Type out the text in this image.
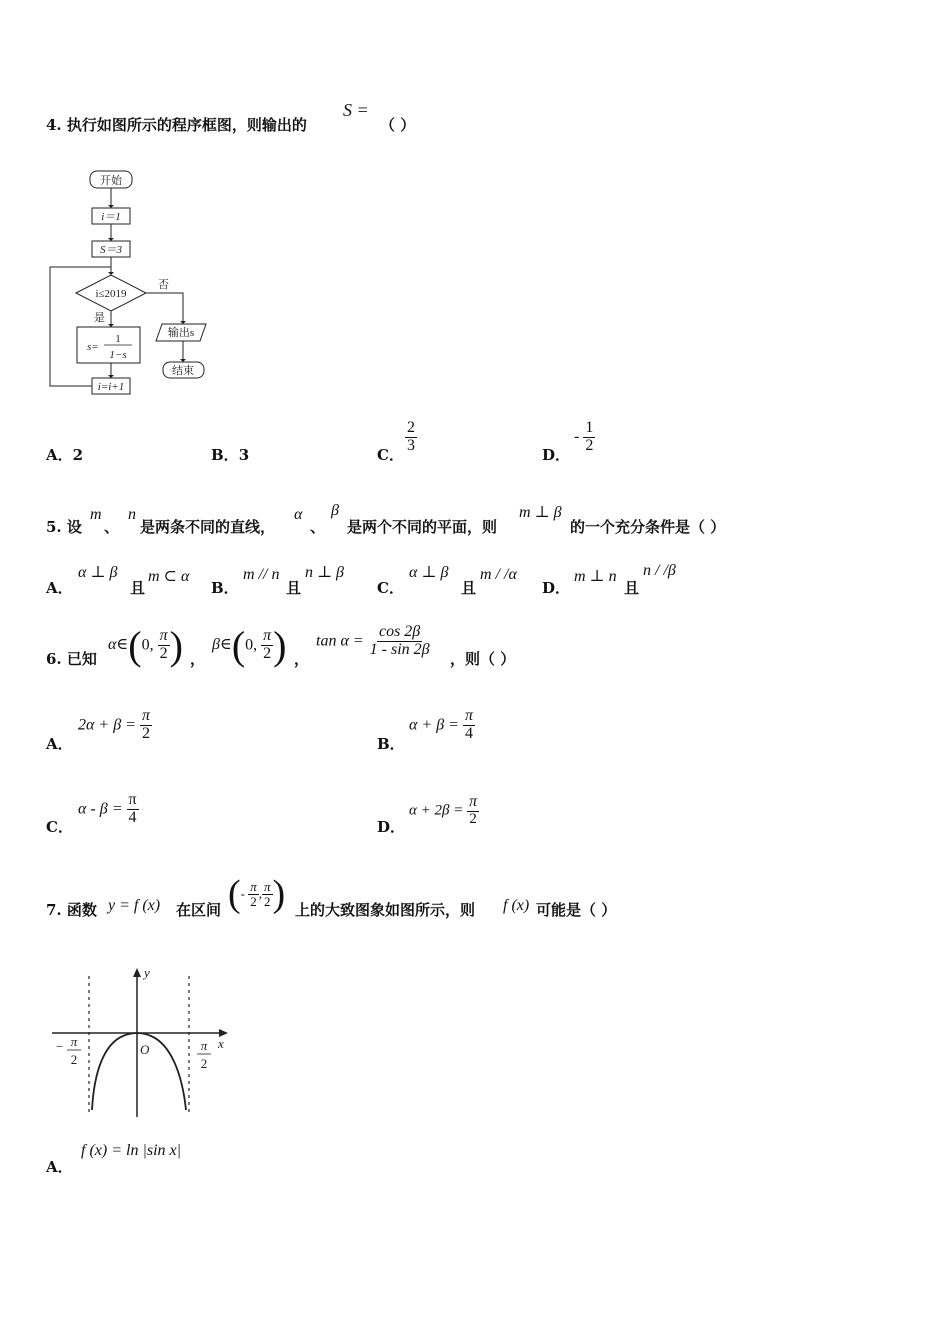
4. 执行如图所示的程序框图，则输出的
S =
（ ）
开始
i＝1
S＝3
i≤2019
否
是
s=
1
1−s
输出s
结束
i=i+1
A．2	B．3	C．
$\frac{2}{3}$
D．
- $\frac{1}{2}$
5. 设
m
、
n
是两条不同的直线，
α
、
β
是两个不同的平面，则
m ⊥ β
的一个充分条件是（ ）
A．
α ⊥ β
且
m ⊂ α
B．
m // n
且
n ⊥ β
C．
α ⊥ β
且
m / /α
D．
m ⊥ n
且
n / /β
6. 已知
α∈(0, $\frac{\pi}{2}$ ) ，
β∈(0, $\frac{\pi}{2}$ ) ，
$\tan \alpha = \frac{\cos 2\beta}{1 - \sin 2\beta}$
，则（ ）
A．
$2\alpha + \beta = \frac{\pi}{2}$
B．
$\alpha + \beta = \frac{\pi}{4}$
C．
$\alpha - \beta = \frac{\pi}{4}$
D．
$\alpha + 2\beta = \frac{\pi}{2}$
7. 函数 y = f (x) 在区间 (- $\frac{\pi}{2}$ , $\frac{\pi}{2}$ ) 上的大致图象如图所示，则 f (x) 可能是（ ）
y
x
O
− π
2
π
2
A．
f (x) = ln |sin x|
